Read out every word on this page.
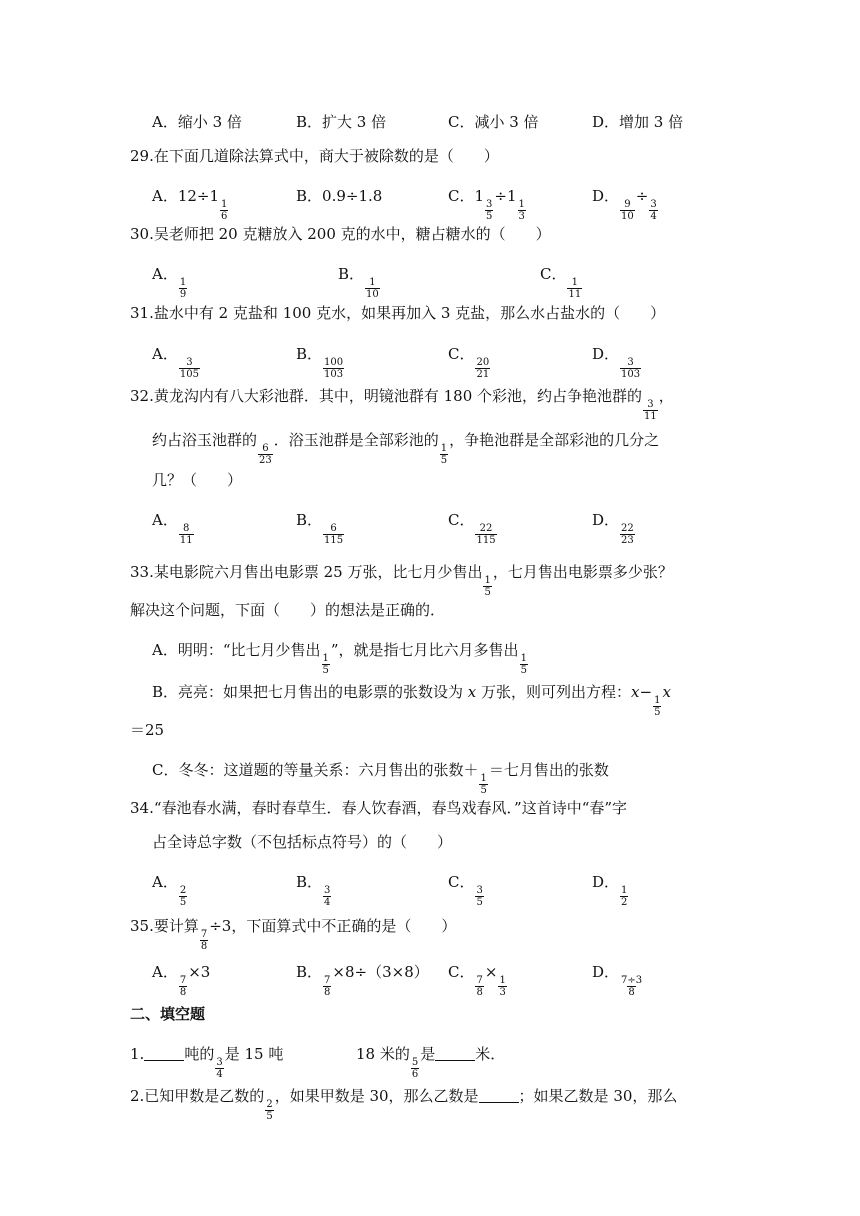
A．缩小 3 倍	B．扩大 3 倍	C．减小 3 倍	D．增加 3 倍
29.在下面几道除法算式中，商大于被除数的是（　　）
A．12÷1
$\frac{1}{6}$
B．0.9÷1.8	C．1
$\frac{3}{5}$
÷1
$\frac{1}{3}$
D．
$\frac{9}{10}$
÷
$\frac{3}{4}$
30.吴老师把 20 克糖放入 200 克的水中，糖占糖水的（　　）
A．
$\frac{1}{9}$
B．
$\frac{1}{10}$
C．
$\frac{1}{11}$
31.盐水中有 2 克盐和 100 克水，如果再加入 3 克盐，那么水占盐水的（　　）
A．
$\frac{3}{105}$
B．
$\frac{100}{103}$
C．
$\frac{20}{21}$
D．
$\frac{3}{103}$
32.黄龙沟内有八大彩池群．其中，明镜池群有 180 个彩池，约占争艳池群的
$\frac{3}{11}$
，
约占浴玉池群的
$\frac{6}{23}$
．浴玉池群是全部彩池的
$\frac{1}{5}$
，争艳池群是全部彩池的几分之
几？（　　）
A．
$\frac{8}{11}$
B．
$\frac{6}{115}$
C．
$\frac{22}{115}$
D．
$\frac{22}{23}$
33.某电影院六月售出电影票 25 万张，比七月少售出
$\frac{1}{5}$
，七月售出电影票多少张？
解决这个问题，下面（　　）的想法是正确的．
A．明明：“比七月少售出
$\frac{1}{5}$
”，就是指七月比六月多售出
$\frac{1}{5}$
B．亮亮：如果把七月售出的电影票的张数设为 x 万张，则可列出方程：x−
$\frac{1}{5}$
x
＝25
C．冬冬：这道题的等量关系：六月售出的张数＋
$\frac{1}{5}$
＝七月售出的张数
34.“春池春水满，春时春草生．春人饮春酒，春鸟戏春风．”这首诗中“春”字
占全诗总字数（不包括标点符号）的（　　）
A．
$\frac{2}{5}$
B．
$\frac{3}{4}$
C．
$\frac{3}{5}$
D．
$\frac{1}{2}$
35.要计算
$\frac{7}{8}$
÷3，下面算式中不正确的是（　　）
A．
$\frac{7}{8}$
×3	B．
$\frac{7}{8}$
×8÷（3×8） C．
$\frac{7}{8}$
×
$\frac{1}{3}$
D．
$\frac{7\div 3}{8}$
二、填空题
1.	吨的
$\frac{3}{4}$
是 15 吨	18 米的
$\frac{5}{6}$
是	米．
2.已知甲数是乙数的
$\frac{2}{5}$
，如果甲数是 30，那么乙数是	；如果乙数是 30，那么
